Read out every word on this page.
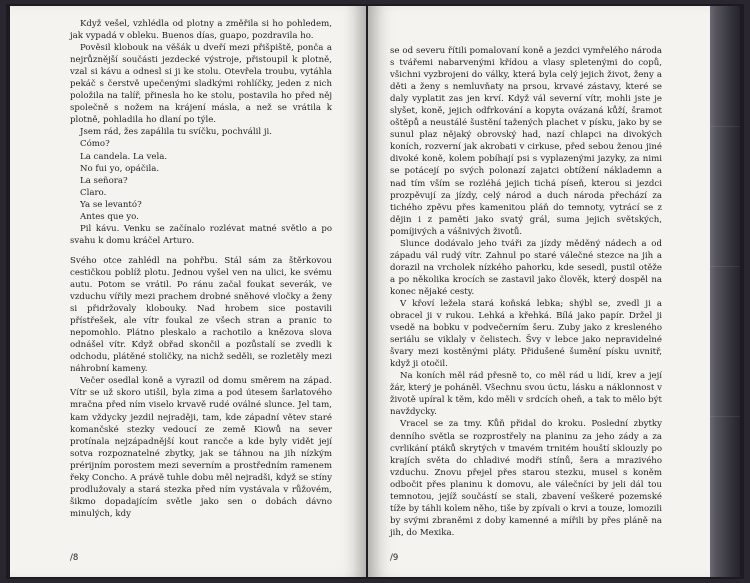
Když vešel, vzhlédla od plotny a změřila si ho pohledem, jak vypadá v obleku. Buenos días, guapo, pozdravila ho.

Pověsil klobouk na věšák u dveří mezi přišpiště, ponča a nejrůznější součásti jezdecké výstroje, přistoupil k plotně, vzal si kávu a odnesl si ji ke stolu. Otevřela troubu, vytáhla pekáč s čerstvě upečenými sladkými rohlíčky, jeden z nich položila na talíř, přinesla ho ke stolu, postavila ho před něj společně s nožem na krájení másla, a než se vrátila k plotně, pohladila ho dlaní po týle.

Jsem rád, žes zapálila tu svíčku, pochválil ji.

Cómo?

La candela. La vela.

No fui yo, opáčila.

La señora?

Claro.

Ya se levantó?

Antes que yo.

Pil kávu. Venku se začínalo rozlévat matné světlo a po svahu k domu kráčel Arturo.

Svého otce zahlédl na pohřbu. Stál sám za štěrkovou cestičkou poblíž plotu. Jednou vyšel ven na ulici, ke svému autu. Potom se vrátil. Po ránu začal foukat severák, ve vzduchu vířily mezi prachem drobné sněhové vločky a ženy si přidržovaly klobouky. Nad hrobem sice postavili přístřešek, ale vítr foukal ze všech stran a pranic to nepomohlo. Plátno pleskalo a rachotilo a knězova slova odnášel vítr. Když obřad skončil a pozůstalí se zvedli k odchodu, plátěné stoličky, na nichž seděli, se rozletěly mezi náhrobní kameny.

Večer osedlal koně a vyrazil od domu směrem na západ. Vítr se už skoro utišil, byla zima a pod útesem šarlatového mračna před ním viselo krvavě rudé oválné slunce. Jel tam, kam vždycky jezdil nejraději, tam, kde západní větev staré komančské stezky vedoucí ze země Kiowů na sever protínala nejzápadnější kout rancče a kde byly vidět její sotva rozpoznatelné zbytky, jak se táhnou na jih nízkým prérijním porostem mezi severním a prostředním ramenem řeky Concho. A právě tuhle dobu měl nejradši, když se stíny prodlužovaly a stará stezka před ním vystávala v růžovém, šikmo dopadajícím světle jako sen o dobách dávno minulých, kdy

/8

se od severu řítili pomalovaní koně a jezdci vymřelého národa s tvářemi nabarvenými křídou a vlasy spletenými do copů, všichni vyzbrojeni do války, která byla celý jejich život, ženy a děti a ženy s nemluvňaty na prsou, krvavé zástavy, které se daly vyplatit zas jen krví. Když vál severní vítr, mohli jste je slyšet, koně, jejich odfrkování a kopyta ovázaná kůží, šramot oštěpů a neustálé šustění tažených plachet v písku, jako by se sunul plaz nějaký obrovský had, nazí chlapci na divokých koních, rozverní jak akrobati v cirkuse, před sebou ženou jiné divoké koně, kolem pobíhají psi s vyplazenými jazyky, za nimi se potácejí po svých polonazí zajatci obtížení náklademn a nad tím vším se rozléhá jejich tichá píseň, kterou si jezdci prozpěvují za jízdy, celý národ a duch národa přechází za tichého zpěvu přes kamenitou pláň do temnoty, vytrácí se z dějin i z paměti jako svatý grál, suma jejich světských, pomíjivých a vášnivých životů.

Slunce dodávalo jeho tváři za jízdy měděný nádech a od západu vál rudý vítr. Zahnul po staré válečné stezce na jih a dorazil na vrcholek nízkého pahorku, kde sesedl, pustil otěže a po několika krocích se zastavil jako člověk, který dospěl na konec nějaké cesty.

V křoví ležela stará koňská lebka; shýbl se, zvedl ji a obracel ji v rukou. Lehká a křehká. Bílá jako papír. Držel ji vsedě na bobku v podvečerním šeru. Zuby jako z kresleného seriálu se viklaly v čelistech. Švy v lebce jako nepravidelné švary mezi kostěnými pláty. Přidušené šumění písku uvnitř, když ji otočil.

Na koních měl rád přesně to, co měl rád u lidí, krev a její žár, který je poháněl. Všechnu svou úctu, lásku a náklonnost v životě upíral k těm, kdo měli v srdcích oheň, a tak to mělo být navždycky.

Vracel se za tmy. Kůň přidal do kroku. Poslední zbytky denního světla se rozprostřely na planinu za jeho zády a za cvrlikání ptáků skrytých v tmavém trnitém houští sklouzly po krajích světa do chladivé modři stínů, šera a mrazivého vzduchu. Znovu přejel přes starou stezku, musel s koněm odbočit přes planinu k domovu, ale válečníci by jeli dál tou temnotou, jejíž součástí se stali, zbavení veškeré pozemské tíže by táhli kolem něho, tiše by zpívali o krvi a touze, lomozili by svými zbraněmi z doby kamenné a mířili by přes pláně na jih, do Mexika.

/9
